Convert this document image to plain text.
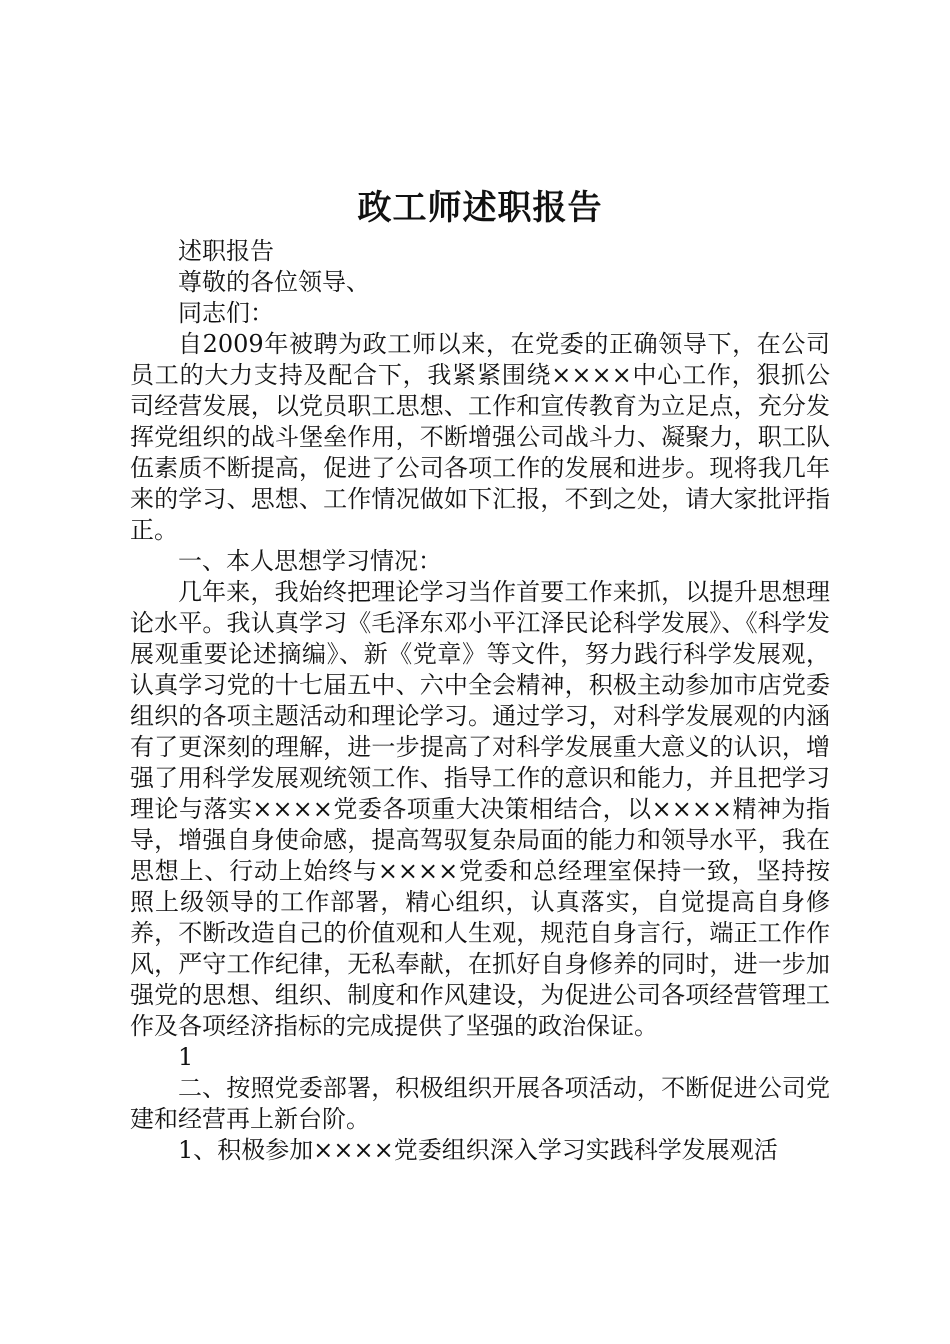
政工师述职报告

述职报告

尊敬的各位领导、

同志们：

自2009年被聘为政工师以来，在党委的正确领导下，在公司员工的大力支持及配合下，我紧紧围绕××××中心工作，狠抓公司经营发展，以党员职工思想、工作和宣传教育为立足点，充分发挥党组织的战斗堡垒作用，不断增强公司战斗力、凝聚力，职工队伍素质不断提高，促进了公司各项工作的发展和进步。现将我几年来的学习、思想、工作情况做如下汇报，不到之处，请大家批评指正。

一、本人思想学习情况：

几年来，我始终把理论学习当作首要工作来抓，以提升思想理论水平。我认真学习《毛泽东邓小平江泽民论科学发展》、《科学发展观重要论述摘编》、新《党章》等文件，努力践行科学发展观，认真学习党的十七届五中、六中全会精神，积极主动参加市店党委组织的各项主题活动和理论学习。通过学习，对科学发展观的内涵有了更深刻的理解，进一步提高了对科学发展重大意义的认识，增强了用科学发展观统领工作、指导工作的意识和能力，并且把学习理论与落实××××党委各项重大决策相结合，以××××精神为指导，增强自身使命感，提高驾驭复杂局面的能力和领导水平，我在思想上、行动上始终与××××党委和总经理室保持一致，坚持按照上级领导的工作部署，精心组织，认真落实，自觉提高自身修养，不断改造自己的价值观和人生观，规范自身言行，端正工作作风，严守工作纪律，无私奉献，在抓好自身修养的同时，进一步加强党的思想、组织、制度和作风建设，为促进公司各项经营管理工作及各项经济指标的完成提供了坚强的政治保证。

1

二、按照党委部署，积极组织开展各项活动，不断促进公司党建和经营再上新台阶。

1、积极参加××××党委组织深入学习实践科学发展观活
